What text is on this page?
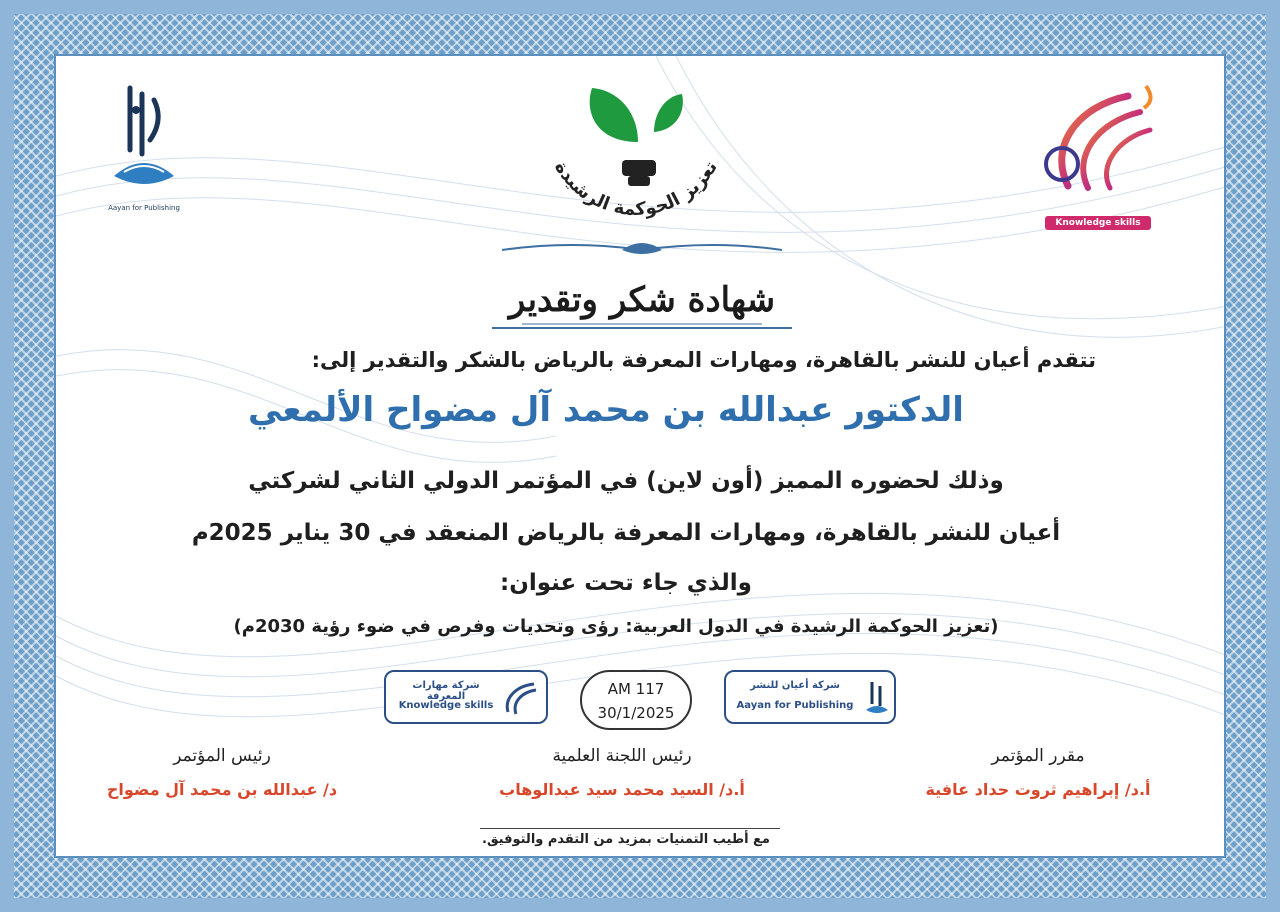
Aayan for Publishing
تعزيز الحوكمة الرشيدة
Knowledge skills
شهادة شكر وتقدير
تتقدم أعيان للنشر بالقاهرة، ومهارات المعرفة بالرياض بالشكر والتقدير إلى:
الدكتور عبدالله بن محمد آل مضواح الألمعي
وذلك لحضوره المميز (أون لاين) في المؤتمر الدولي الثاني لشركتي
أعيان للنشر بالقاهرة، ومهارات المعرفة بالرياض المنعقد في 30 يناير 2025م
والذي جاء تحت عنوان:
(تعزيز الحوكمة الرشيدة في الدول العربية: رؤى وتحديات وفرص في ضوء رؤية 2030م)
شركة مهارات المعرفة
Knowledge skills
AM 117
30/1/2025
شركة أعيان للنشر
Aayan for Publishing
رئيس المؤتمر
د/ عبدالله بن محمد آل مضواح
رئيس اللجنة العلمية
أ.د/ السيد محمد سيد عبدالوهاب
مقرر المؤتمر
أ.د/ إبراهيم ثروت حداد عافية
مع أطيب التمنيات بمزيد من التقدم والتوفيق.
